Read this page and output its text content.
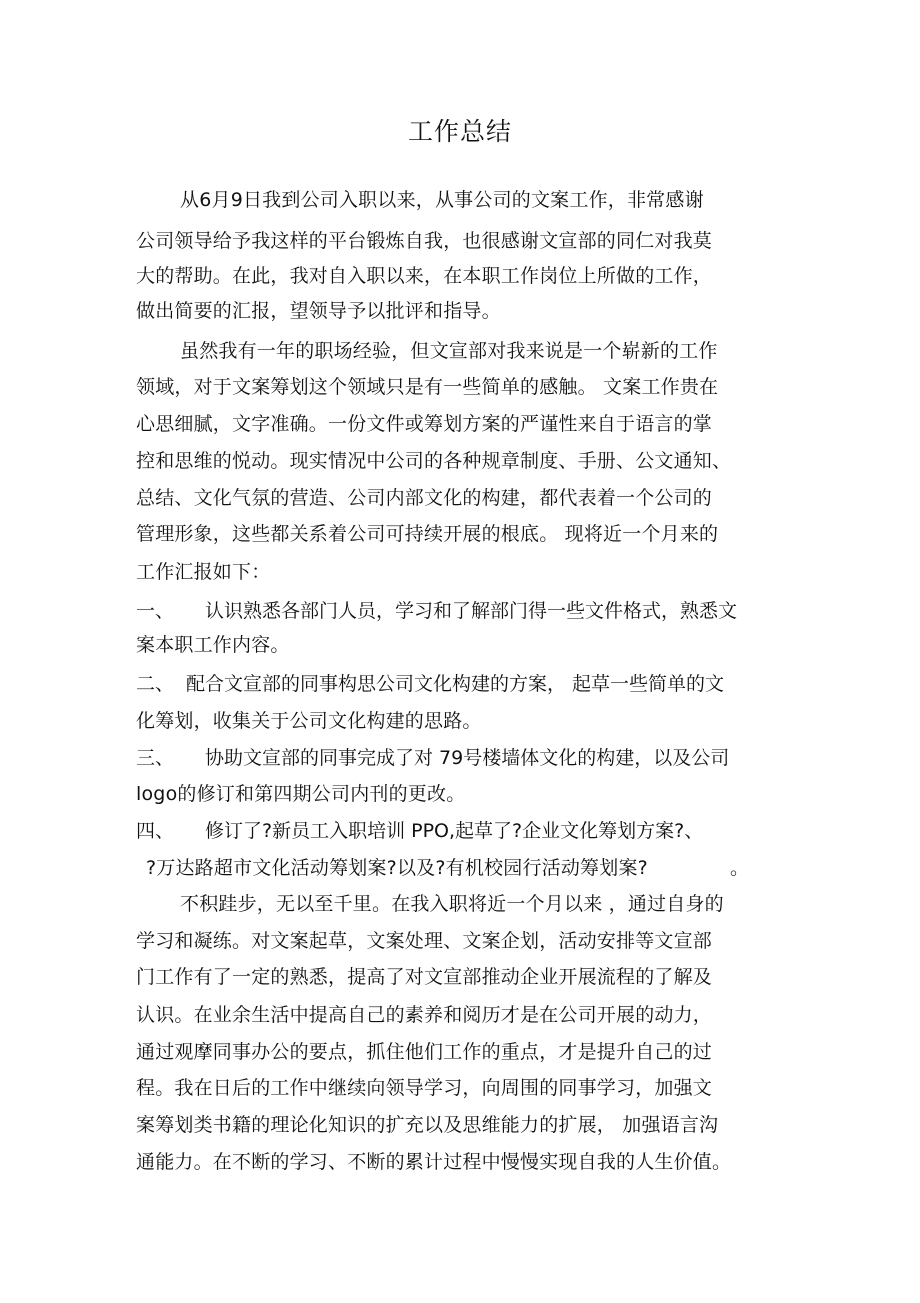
工作总结
从6月9日我到公司入职以来，从事公司的文案工作，非常感谢
公司领导给予我这样的平台锻炼自我，也很感谢文宣部的同仁对我莫
大的帮助。在此，我对自入职以来，在本职工作岗位上所做的工作，
做出简要的汇报，望领导予以批评和指导。
虽然我有一年的职场经验，但文宣部对我来说是一个崭新的工作
领域，对于文案筹划这个领域只是有一些简单的感触。 文案工作贵在
心思细腻，文字准确。一份文件或筹划方案的严谨性来自于语言的掌
控和思维的悦动。现实情况中公司的各种规章制度、手册、公文通知、
总结、文化气氛的营造、公司内部文化的构建，都代表着一个公司的
管理形象，这些都关系着公司可持续开展的根底。 现将近一个月来的
工作汇报如下：
一、 认识熟悉各部门人员，学习和了解部门得一些文件格式，熟悉文
案本职工作内容。
二、 配合文宣部的同事构思公司文化构建的方案， 起草一些简单的文
化筹划，收集关于公司文化构建的思路。
三、 协助文宣部的同事完成了对 79号楼墙体文化的构建，以及公司
logo的修订和第四期公司内刊的更改。
四、 修订了?新员工入职培训 PPO,起草了?企业文化筹划方案?、
?万达路超市文化活动筹划案?以及?有机校园行活动筹划案?	。
不积跬步，无以至千里。在我入职将近一个月以来 ，通过自身的
学习和凝练。对文案起草，文案处理、文案企划，活动安排等文宣部
门工作有了一定的熟悉，提高了对文宣部推动企业开展流程的了解及
认识。在业余生活中提高自己的素养和阅历才是在公司开展的动力，
通过观摩同事办公的要点，抓住他们工作的重点，才是提升自己的过
程。我在日后的工作中继续向领导学习，向周围的同事学习，加强文
案筹划类书籍的理论化知识的扩充以及思维能力的扩展， 加强语言沟
通能力。在不断的学习、不断的累计过程中慢慢实现自我的人生价值。
